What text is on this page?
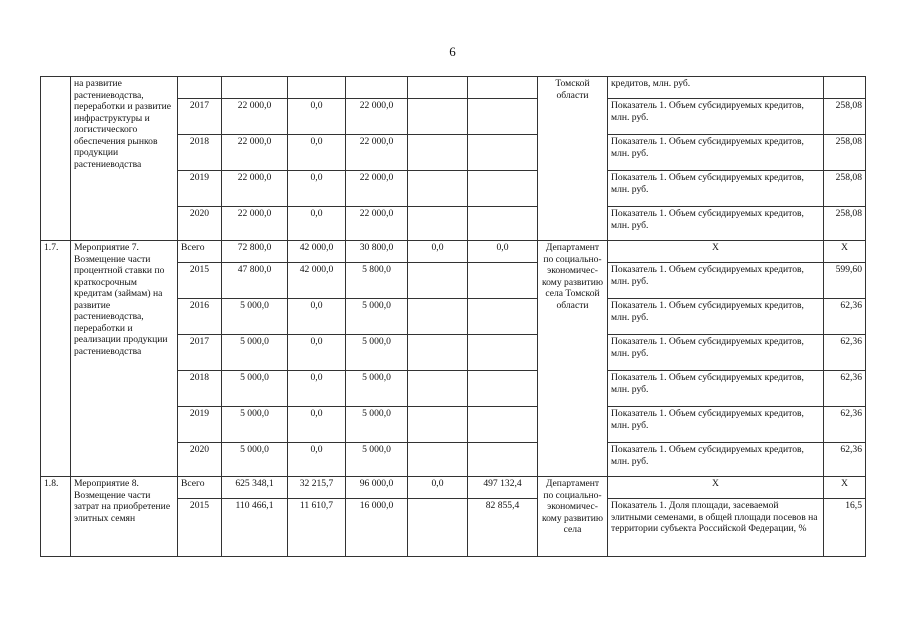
6
	на развитие растениеводства, переработки и развитие инфраструктуры и логистического обеспечения рынков продукции растениеводства							Томской области	кредитов, млн. руб.	
		2017	22 000,0	0,0	22 000,0				Показатель 1. Объем субсидируемых кредитов, млн. руб.	258,08
		2018	22 000,0	0,0	22 000,0				Показатель 1. Объем субсидируемых кредитов, млн. руб.	258,08
		2019	22 000,0	0,0	22 000,0				Показатель 1. Объем субсидируемых кредитов, млн. руб.	258,08
		2020	22 000,0	0,0	22 000,0				Показатель 1. Объем субсидируемых кредитов, млн. руб.	258,08
1.7.	Мероприятие 7. Возмещение части процентной ставки по краткосрочным кредитам (займам) на развитие растениеводства, переработки и реализации продукции растениеводства	Всего	72 800,0	42 000,0	30 800,0	0,0	0,0	Департамент по социально-экономичес-кому развитию села Томской области	X	X
		2015	47 800,0	42 000,0	5 800,0				Показатель 1. Объем субсидируемых кредитов, млн. руб.	599,60
		2016	5 000,0	0,0	5 000,0				Показатель 1. Объем субсидируемых кредитов, млн. руб.	62,36
		2017	5 000,0	0,0	5 000,0				Показатель 1. Объем субсидируемых кредитов, млн. руб.	62,36
		2018	5 000,0	0,0	5 000,0				Показатель 1. Объем субсидируемых кредитов, млн. руб.	62,36
		2019	5 000,0	0,0	5 000,0				Показатель 1. Объем субсидируемых кредитов, млн. руб.	62,36
		2020	5 000,0	0,0	5 000,0				Показатель 1. Объем субсидируемых кредитов, млн. руб.	62,36
1.8.	Мероприятие 8. Возмещение части затрат на приобретение элитных семян	Всего	625 348,1	32 215,7	96 000,0	0,0	497 132,4	Департамент по социально-экономичес-кому развитию села	X	X
		2015	110 466,1	11 610,7	16 000,0		82 855,4		Показатель 1. Доля площади, засеваемой элитными семенами, в общей площади посевов на территории субъекта Российской Федерации, %	16,5
